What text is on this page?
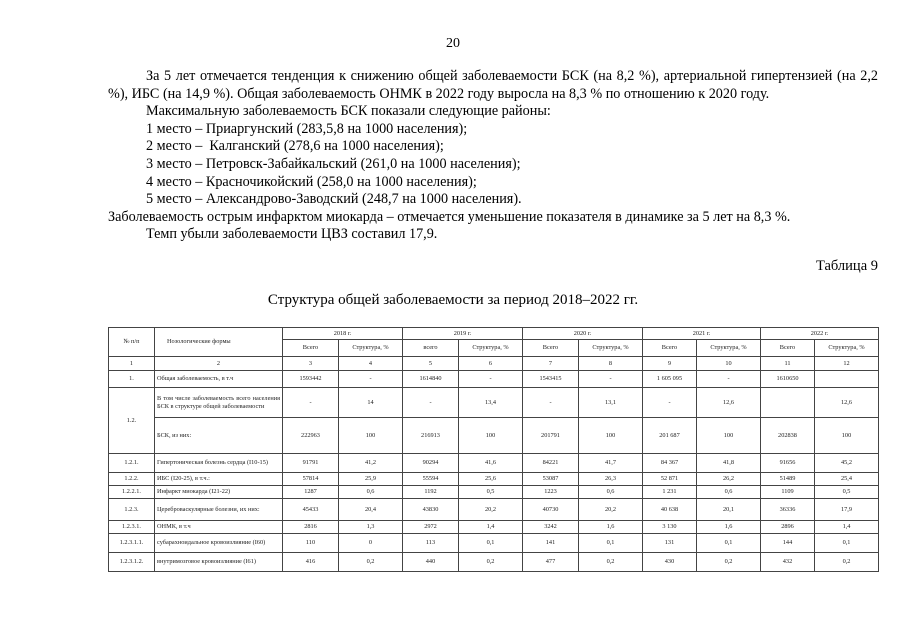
20

За 5 лет отмечается тенденция к снижению общей заболеваемости БСК (на 8,2 %), артериальной гипертензией (на 2,2 %), ИБС (на 14,9 %). Общая заболеваемость ОНМК в 2022 году выросла на 8,3 % по отношению к 2020 году.

Максимальную заболеваемость БСК показали следующие районы:

1 место – Приаргунский (283,5,8 на 1000 населения);

2 место –  Калганский (278,6 на 1000 населения);

3 место – Петровск-Забайкальский (261,0 на 1000 населения);

4 место – Красночикойский (258,0 на 1000 населения);

5 место – Александрово-Заводский (248,7 на 1000 населения).

Заболеваемость острым инфарктом миокарда – отмечается уменьшение показателя в динамике за 5 лет на 8,3 %.

Темп убыли заболеваемости ЦВЗ составил 17,9.

Таблица 9
Структура общей заболеваемости за период 2018–2022 гг.
№ п/п	Нозологические формы	2018 г.		2019 г.		2020 г.		2021 г.		2022 г.	
		Всего	Структура, %	всего	Структура, %	Всего	Структура, %	Всего	Структура, %	Всего	Структура, %
1	2	3	4	5	6	7	8	9	10	11	12
1.	Общая заболеваемость, в т.ч	1593442	-	1614840	-	1543415	-	1 605 095	-	1610650	
1.2.	В том числе заболеваемость всего населения БСК в структуре общей заболеваемости	-	14	-	13,4	-	13,1	-	12,6		12,6
	БСК, из них:	222963	100	216913	100	201791	100	201 687	100	202838	100
1.2.1.	Гипертоническая болезнь сердца (I10-15)	91791	41,2	90294	41,6	84221	41,7	84 367	41,8	91656	45,2
1.2.2.	ИБС (I20-25), в т.ч.:	57814	25,9	55594	25,6	53087	26,3	52 871	26,2	51489	25,4
1.2.2.1.	Инфаркт миокарда (I21-22)	1287	0,6	1192	0,5	1223	0,6	1 231	0,6	1109	0,5
1.2.3.	Цереброваскулярные болезни, их них:	45433	20,4	43830	20,2	40730	20,2	40 638	20,1	36336	17,9
1.2.3.1.	ОНМК, в т.ч	2816	1,3	2972	1,4	3242	1,6	3 130	1,6	2896	1,4
1.2.3.1.1.	субарахноидальное кровоизлияние (I60)	110	0	113	0,1	141	0,1	131	0,1	144	0,1
1.2.3.1.2.	внутримозговое кровоизлияние (I61)	416	0,2	440	0,2	477	0,2	430	0,2	432	0,2
